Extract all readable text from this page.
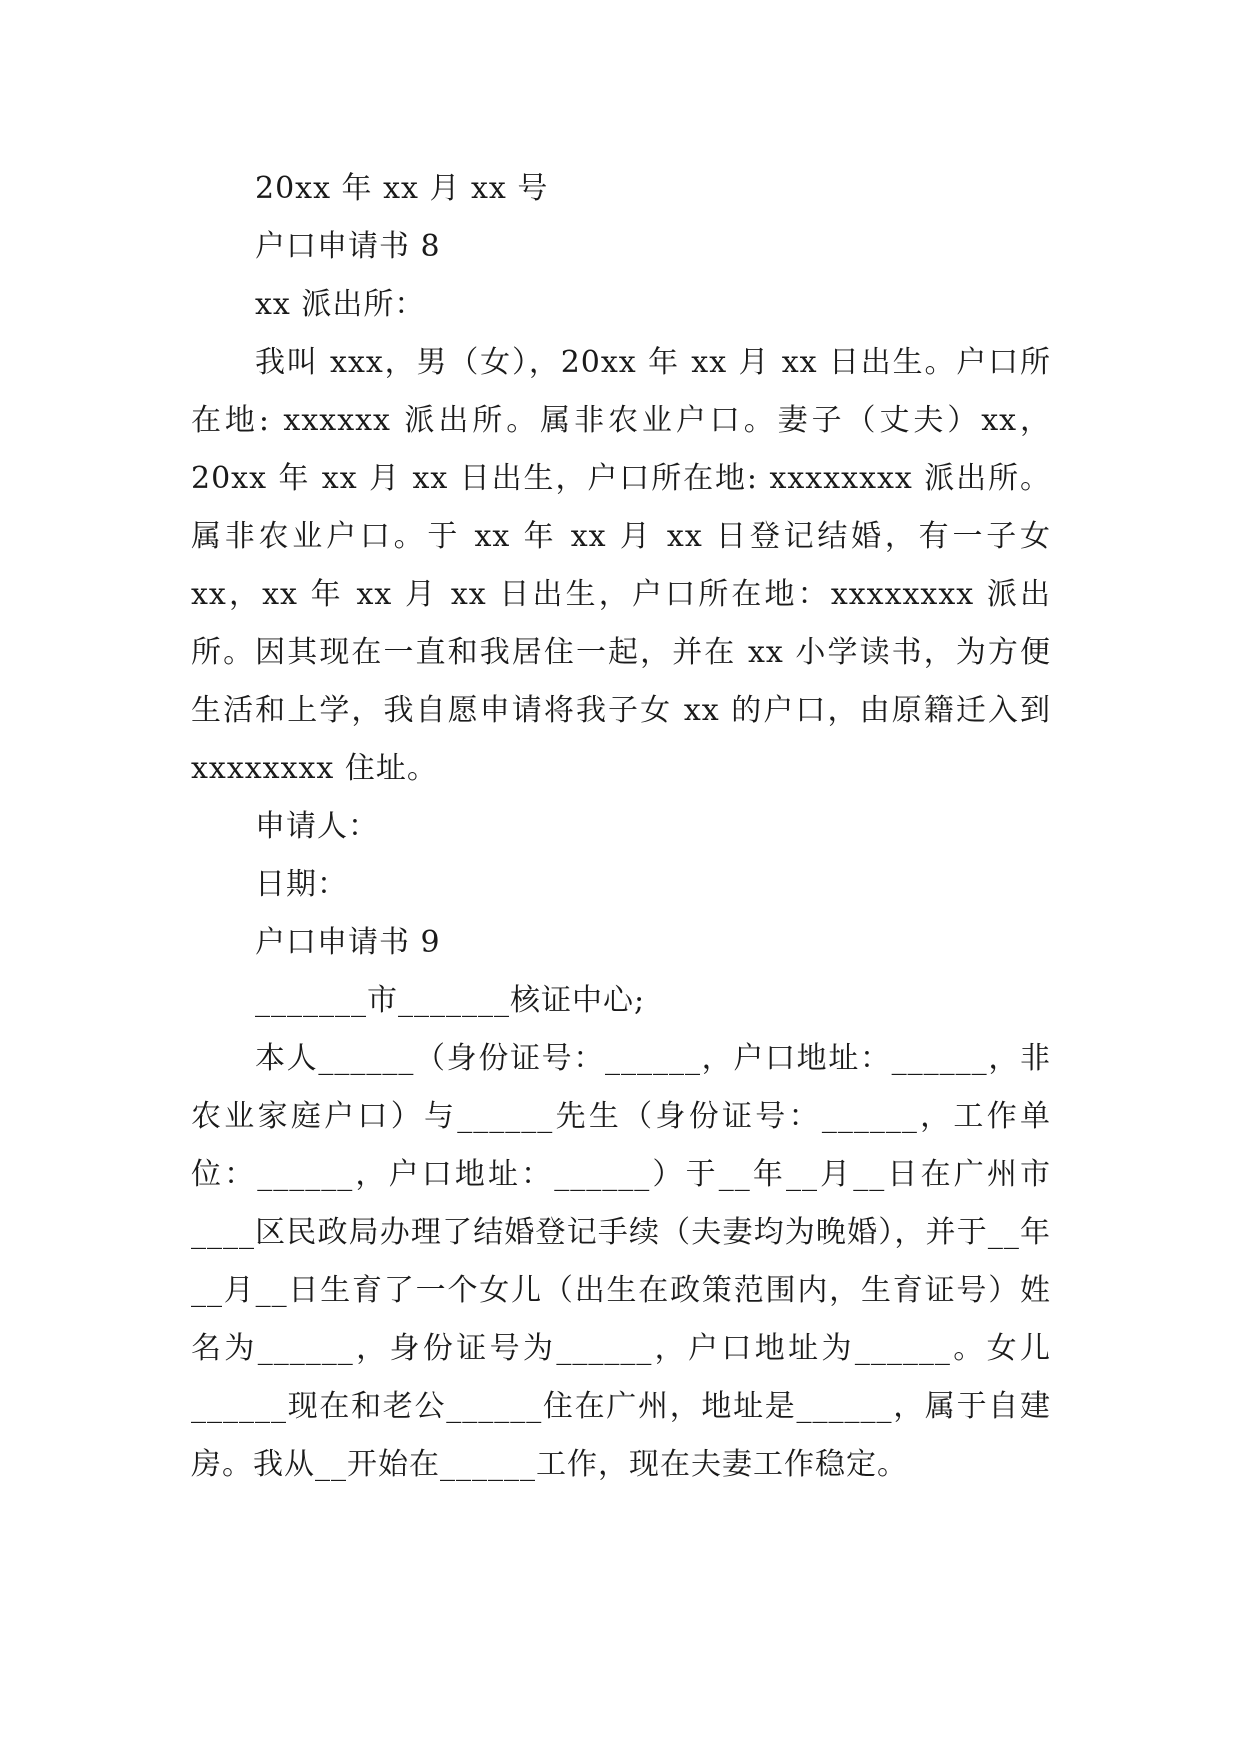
20xx 年 xx 月 xx 号

户口申请书 8

xx 派出所：

我叫 xxx，男（女），20xx 年 xx 月 xx 日出生。户口所在地: xxxxxx 派出所。属非农业户口。妻子（丈夫）xx，20xx 年 xx 月 xx 日出生，户口所在地: xxxxxxxx 派出所。属非农业户口。于 xx 年 xx 月 xx 日登记结婚，有一子女 xx，xx 年 xx 月 xx 日出生，户口所在地：xxxxxxxx 派出所。因其现在一直和我居住一起，并在 xx 小学读书，为方便生活和上学，我自愿申请将我子女 xx 的户口，由原籍迁入到 xxxxxxxx 住址。

申请人：

日期：

户口申请书 9

_______市_______核证中心;

本人______（身份证号：______，户口地址：______，非农业家庭户口）与______先生（身份证号：______，工作单位：______，户口地址：______）于__年__月__日在广州市____区民政局办理了结婚登记手续（夫妻均为晚婚），并于__年__月__日生育了一个女儿（出生在政策范围内，生育证号）姓名为______，身份证号为______，户口地址为______。女儿______现在和老公______住在广州，地址是______，属于自建房。我从__开始在______工作，现在夫妻工作稳定。
